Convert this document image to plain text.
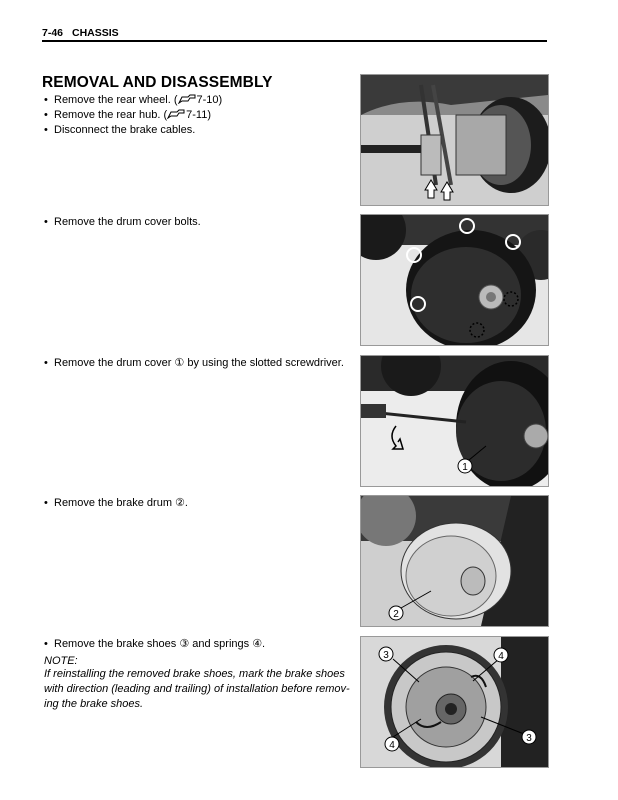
7-46 CHASSIS
REMOVAL AND DISASSEMBLY
• Remove the rear wheel. ( 7-10)
• Remove the rear hub. ( 7-11)
• Disconnect the brake cables.
• Remove the drum cover bolts.
• Remove the drum cover ① by using the slotted screwdriver.
• Remove the brake drum ②.
• Remove the brake shoes ③ and springs ④.
NOTE:
If reinstalling the removed brake shoes, mark the brake shoes
with direction (leading and trailing) of installation before remov-
ing the brake shoes.
1
2
3	4
4
3
